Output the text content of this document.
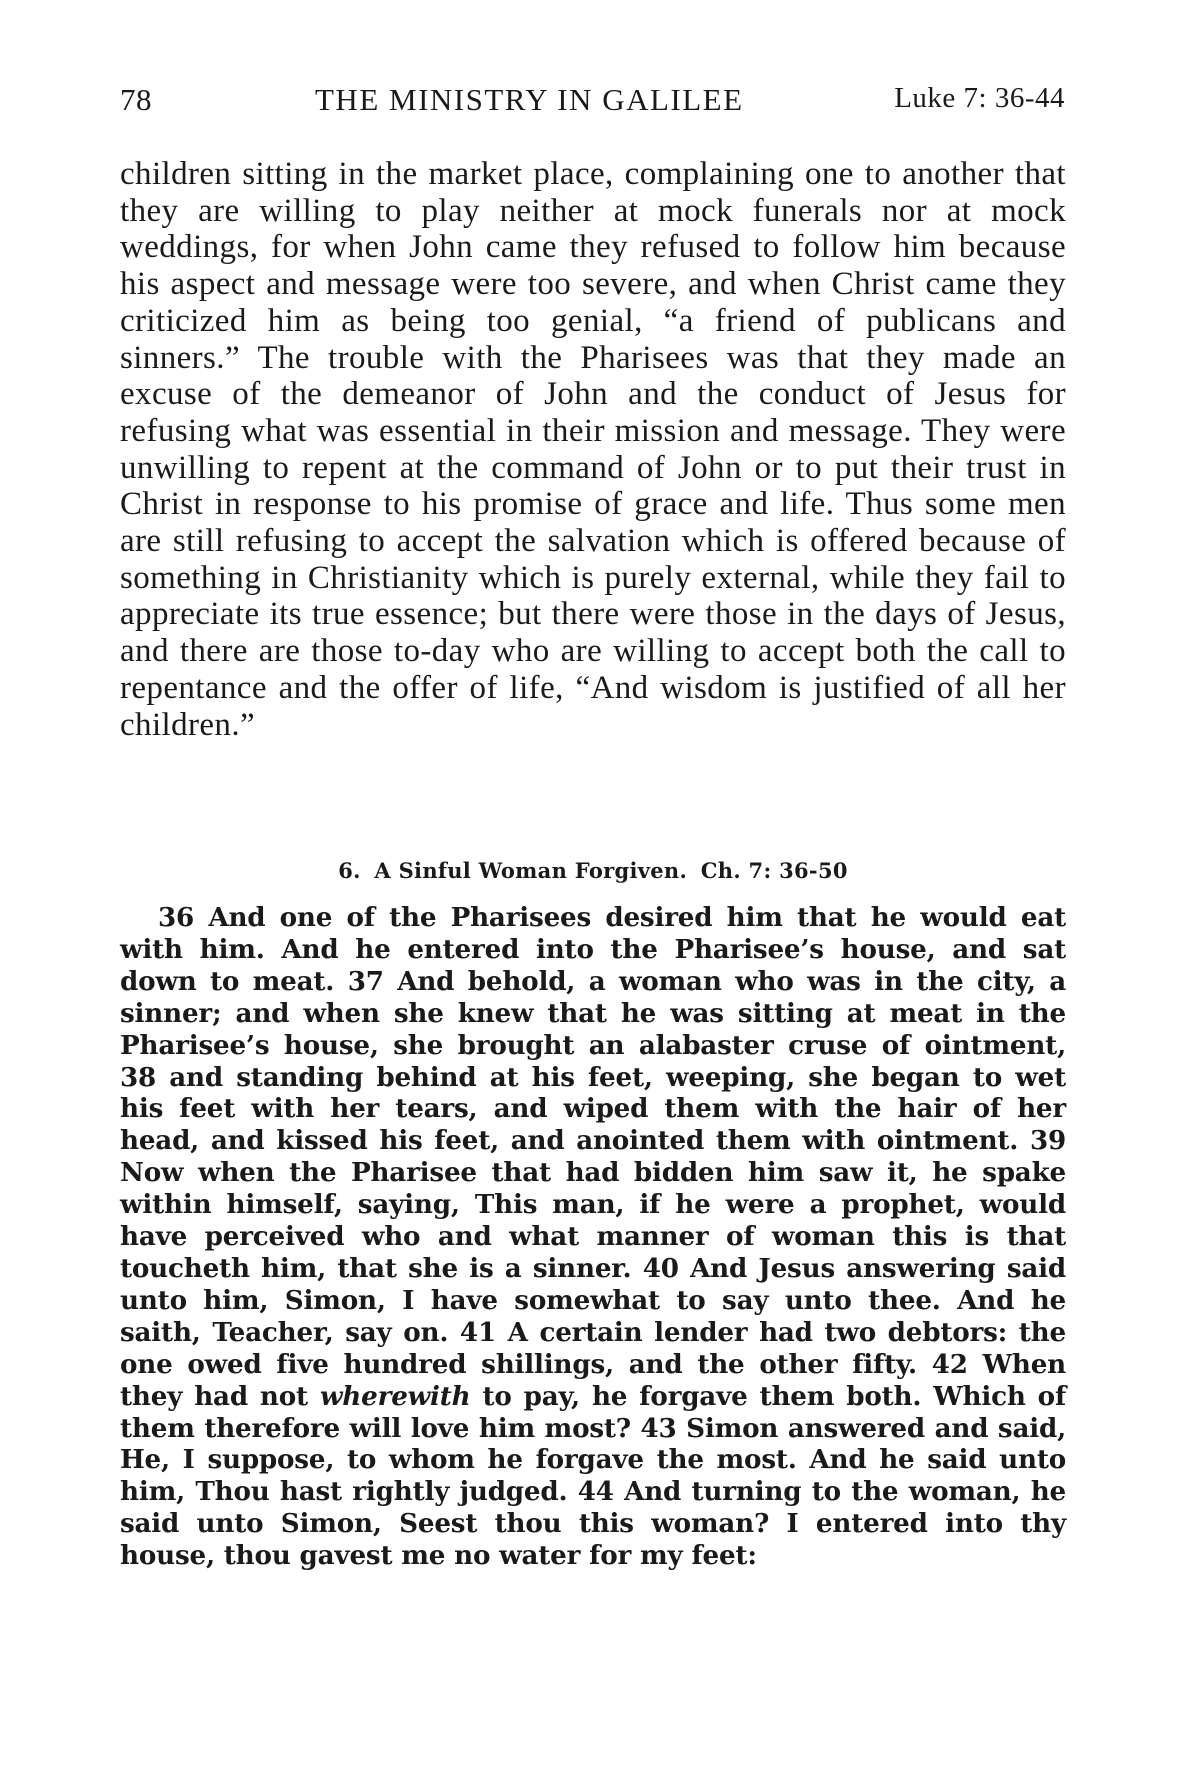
78	THE MINISTRY IN GALILEE	Luke 7: 36-44

children sitting in the market place, complaining one to another that they are willing to play neither at mock funerals nor at mock weddings, for when John came they refused to follow him because his aspect and message were too severe, and when Christ came they criticized him as being too genial, “a friend of publicans and sinners.” The trouble with the Pharisees was that they made an excuse of the demeanor of John and the conduct of Jesus for refusing what was essential in their mission and message. They were unwilling to repent at the command of John or to put their trust in Christ in response to his promise of grace and life. Thus some men are still refusing to accept the salvation which is offered because of something in Christianity which is purely external, while they fail to appreciate its true essence; but there were those in the days of Jesus, and there are those to-day who are willing to accept both the call to repentance and the offer of life, “And wisdom is justified of all her children.”

6. A Sinful Woman Forgiven. Ch. 7: 36-50

36 And one of the Pharisees desired him that he would eat with him. And he entered into the Pharisee’s house, and sat down to meat. 37 And behold, a woman who was in the city, a sinner; and when she knew that he was sitting at meat in the Pharisee’s house, she brought an alabaster cruse of ointment, 38 and standing behind at his feet, weeping, she began to wet his feet with her tears, and wiped them with the hair of her head, and kissed his feet, and anointed them with ointment. 39 Now when the Pharisee that had bidden him saw it, he spake within himself, saying, This man, if he were a prophet, would have perceived who and what manner of woman this is that toucheth him, that she is a sinner. 40 And Jesus answering said unto him, Simon, I have somewhat to say unto thee. And he saith, Teacher, say on. 41 A certain lender had two debtors: the one owed five hundred shillings, and the other fifty. 42 When they had not wherewith to pay, he forgave them both. Which of them therefore will love him most? 43 Simon answered and said, He, I suppose, to whom he forgave the most. And he said unto him, Thou hast rightly judged. 44 And turning to the woman, he said unto Simon, Seest thou this woman? I entered into thy house, thou gavest me no water for my feet:
